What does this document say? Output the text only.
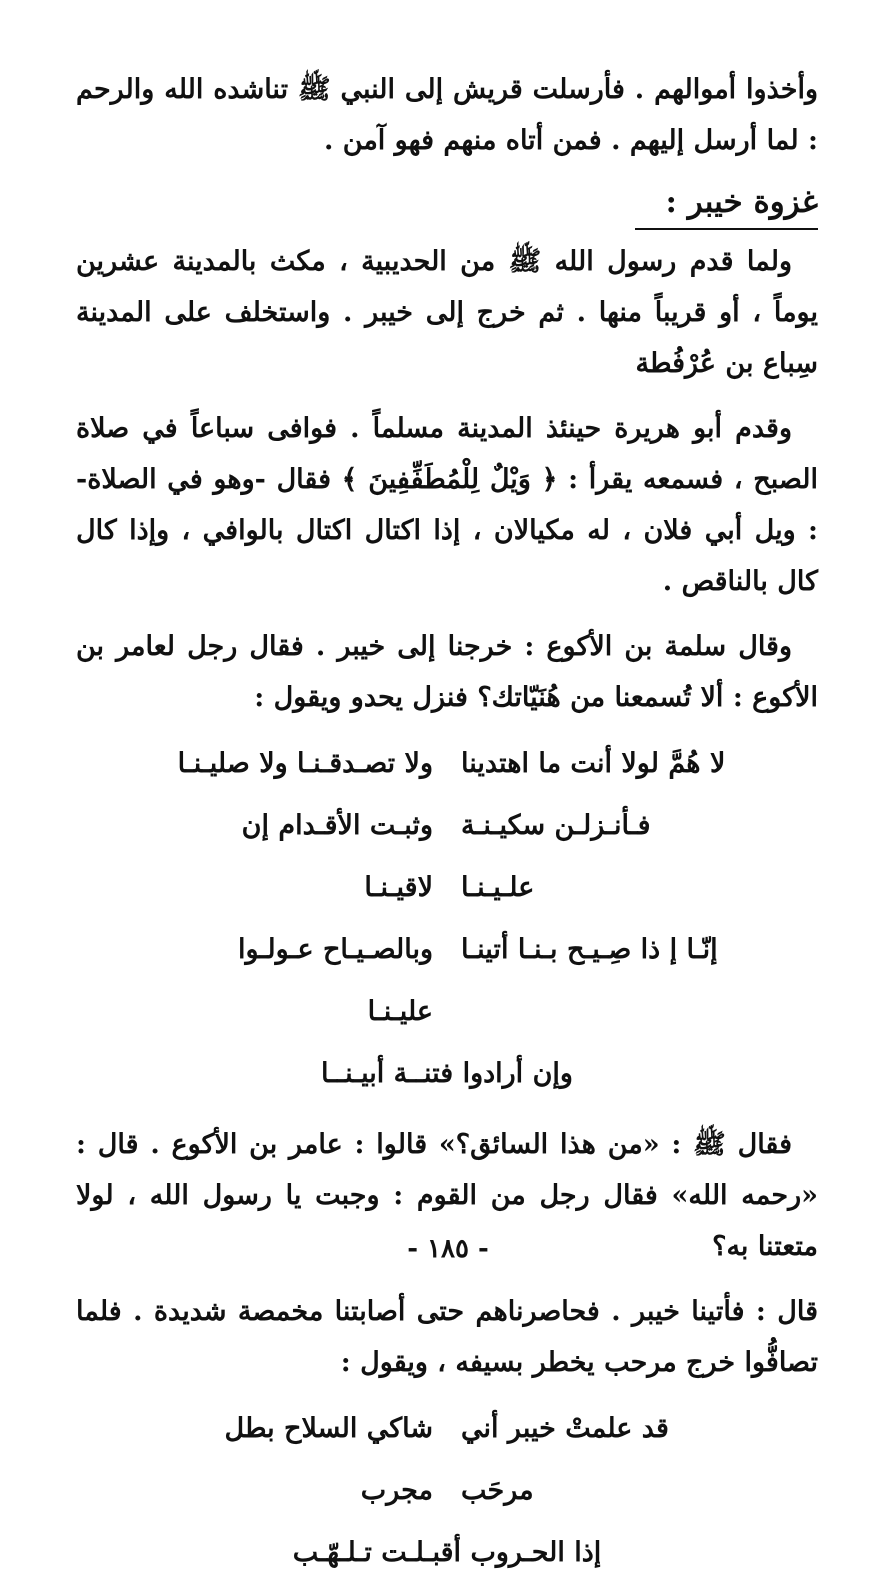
وأخذوا أموالهم . فأرسلت قريش إلى النبي ﷺ تناشده الله والرحم : لما أرسل إليهم . فمن أتاه منهم فهو آمن .

غزوة خيبر :

ولما قدم رسول الله ﷺ من الحديبية ، مكث بالمدينة عشرين يوماً ، أو قريباً منها . ثم خرج إلى خيبر . واستخلف على المدينة سِباع بن عُرْفُطة

وقدم أبو هريرة حينئذ المدينة مسلماً . فوافى سباعاً في صلاة الصبح ، فسمعه يقرأ : ﴿ وَيْلٌ لِلْمُطَفِّفِينَ ﴾ فقال -وهو في الصلاة- : ويل أبي فلان ، له مكيالان ، إذا اكتال اكتال بالوافي ، وإذا كال كال بالناقص .

وقال سلمة بن الأكوع : خرجنا إلى خيبر . فقال رجل لعامر بن الأكوع : ألا تُسمعنا من هُنَيّاتك؟ فنزل يحدو ويقول :

لا هُمَّ لولا أنت ما اهتدينا
ولا تصـدقـنـا ولا صليـنـا
فـأنـزلـن سكيـنـة علـيـنـا
وثبـت الأقـدام إن لاقيـنـا
إنّـا إ ذا صِـيـح بـنـا أتينـا
وبالصـيـاح عـولـوا عليـنـا
وإن أرادوا فتنــة أبيـنــا

فقال ﷺ : «من هذا السائق؟» قالوا : عامر بن الأكوع . قال : «رحمه الله» فقال رجل من القوم : وجبت يا رسول الله ، لولا متعتنا به؟

قال : فأتينا خيبر . فحاصرناهم حتى أصابتنا مخمصة شديدة . فلما تصافُّوا خرج مرحب يخطر بسيفه ، ويقول :

قد علمتْ خيبر أني مرحَب
شاكي السلاح بطل مجرب
إذا الحـروب أقبـلـت تـلـهّـب
- ١٨٥ -
